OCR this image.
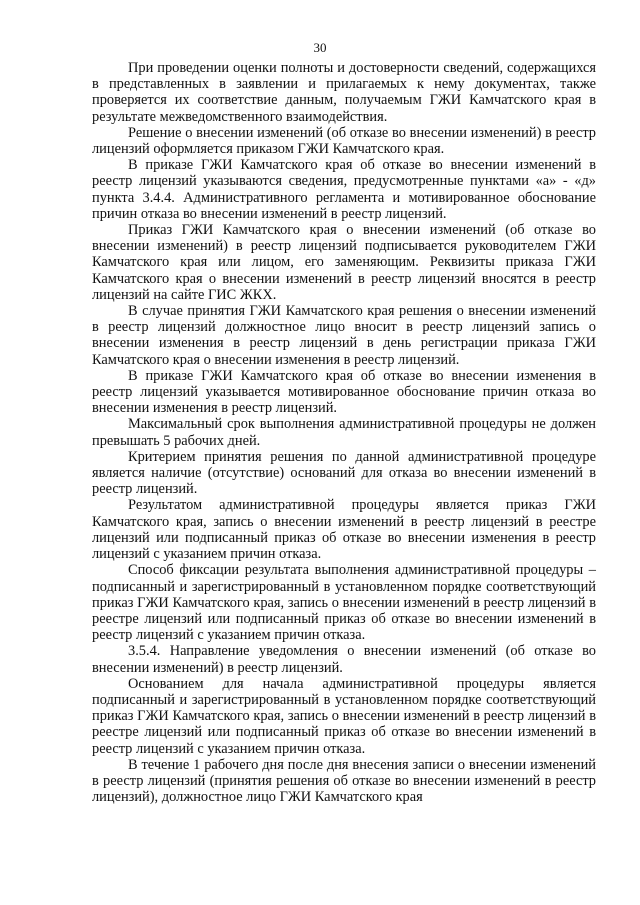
30

При проведении оценки полноты и достоверности сведений, содержащихся в представленных в заявлении и прилагаемых к нему документах, также проверяется их соответствие данным, получаемым ГЖИ Камчатского края в результате межведомственного взаимодействия.

Решение о внесении изменений (об отказе во внесении изменений) в реестр лицензий оформляется приказом ГЖИ Камчатского края.

В приказе ГЖИ Камчатского края об отказе во внесении изменений в реестр лицензий указываются сведения, предусмотренные пунктами «а» - «д» пункта 3.4.4. Административного регламента и мотивированное обоснование причин отказа во внесении изменений в реестр лицензий.

Приказ ГЖИ Камчатского края о внесении изменений (об отказе во внесении изменений) в реестр лицензий подписывается руководителем ГЖИ Камчатского края или лицом, его заменяющим. Реквизиты приказа ГЖИ Камчатского края о внесении изменений в реестр лицензий вносятся в реестр лицензий на сайте ГИС ЖКХ.

В случае принятия ГЖИ Камчатского края решения о внесении изменений в реестр лицензий должностное лицо вносит в реестр лицензий запись о внесении изменения в реестр лицензий в день регистрации приказа ГЖИ Камчатского края о внесении изменения в реестр лицензий.

В приказе ГЖИ Камчатского края об отказе во внесении изменения в реестр лицензий указывается мотивированное обоснование причин отказа во внесении изменения в реестр лицензий.

Максимальный срок выполнения административной процедуры не должен превышать 5 рабочих дней.

Критерием принятия решения по данной административной процедуре является наличие (отсутствие) оснований для отказа во внесении изменений в реестр лицензий.

Результатом административной процедуры является приказ ГЖИ Камчатского края, запись о внесении изменений в реестр лицензий в реестре лицензий или подписанный приказ об отказе во внесении изменения в реестр лицензий с указанием причин отказа.

Способ фиксации результата выполнения административной процедуры – подписанный и зарегистрированный в установленном порядке соответствующий приказ ГЖИ Камчатского края, запись о внесении изменений в реестр лицензий в реестре лицензий или подписанный приказ об отказе во внесении изменений в реестр лицензий с указанием причин отказа.

3.5.4. Направление уведомления о внесении изменений (об отказе во внесении изменений) в реестр лицензий.

Основанием для начала административной процедуры является подписанный и зарегистрированный в установленном порядке соответствующий приказ ГЖИ Камчатского края, запись о внесении изменений в реестр лицензий в реестре лицензий или подписанный приказ об отказе во внесении изменений в реестр лицензий с указанием причин отказа.

В течение 1 рабочего дня после дня внесения записи о внесении изменений в реестр лицензий (принятия решения об отказе во внесении изменений в реестр лицензий), должностное лицо ГЖИ Камчатского края
